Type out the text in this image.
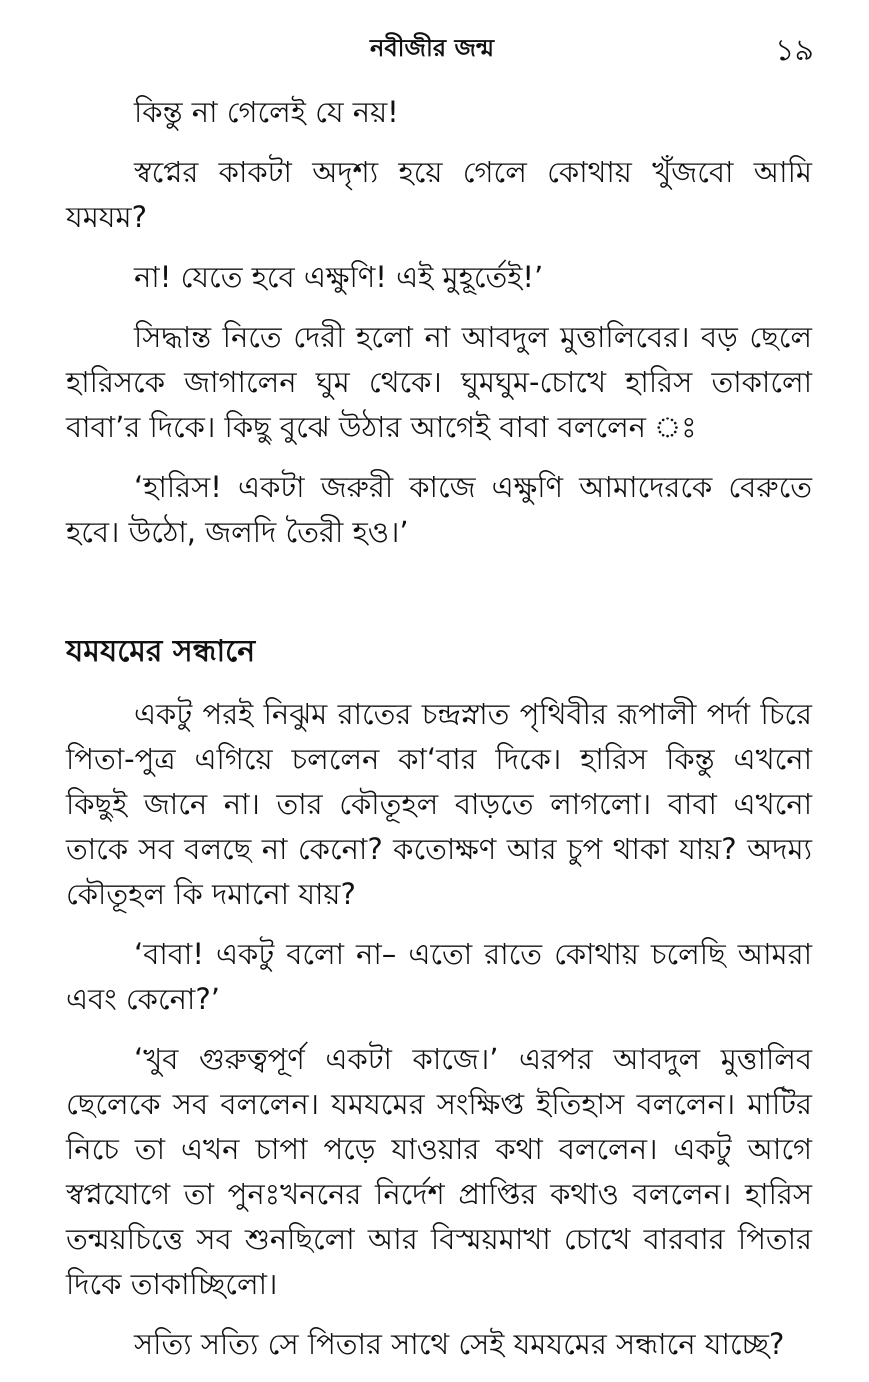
নবীজীর জন্ম	১৯

কিন্তু না গেলেই যে নয়!

স্বপ্নের কাকটা অদৃশ্য হয়ে গেলে কোথায় খুঁজবো আমি যমযম?

না! যেতে হবে এক্ষুণি! এই মুহূর্তেই!’

সিদ্ধান্ত নিতে দেরী হলো না আবদুল মুত্তালিবের। বড় ছেলে হারিসকে জাগালেন ঘুম থেকে। ঘুমঘুম-চোখে হারিস তাকালো বাবা’র দিকে। কিছু বুঝে উঠার আগেই বাবা বললেন ঃ

‘হারিস! একটা জরুরী কাজে এক্ষুণি আমাদেরকে বেরুতে হবে। উঠো, জলদি তৈরী হও।’

যমযমের সন্ধানে

একটু পরই নিঝুম রাতের চন্দ্রস্নাত পৃথিবীর রূপালী পর্দা চিরে পিতা-পুত্র এগিয়ে চললেন কা‘বার দিকে। হারিস কিন্তু এখনো কিছুই জানে না। তার কৌতূহল বাড়তে লাগলো। বাবা এখনো তাকে সব বলছে না কেনো? কতোক্ষণ আর চুপ থাকা যায়? অদম্য কৌতূহল কি দমানো যায়?

‘বাবা! একটু বলো না– এতো রাতে কোথায় চলেছি আমরা এবং কেনো?’

‘খুব গুরুত্বপূর্ণ একটা কাজে।’ এরপর আবদুল মুত্তালিব ছেলেকে সব বললেন। যমযমের সংক্ষিপ্ত ইতিহাস বললেন। মাটির নিচে তা এখন চাপা পড়ে যাওয়ার কথা বললেন। একটু আগে স্বপ্নযোগে তা পুনঃখননের নির্দেশ প্রাপ্তির কথাও বললেন। হারিস তন্ময়চিত্তে সব শুনছিলো আর বিস্ময়মাখা চোখে বারবার পিতার দিকে তাকাচ্ছিলো।

সত্যি সত্যি সে পিতার সাথে সেই যমযমের সন্ধানে যাচ্ছে?
